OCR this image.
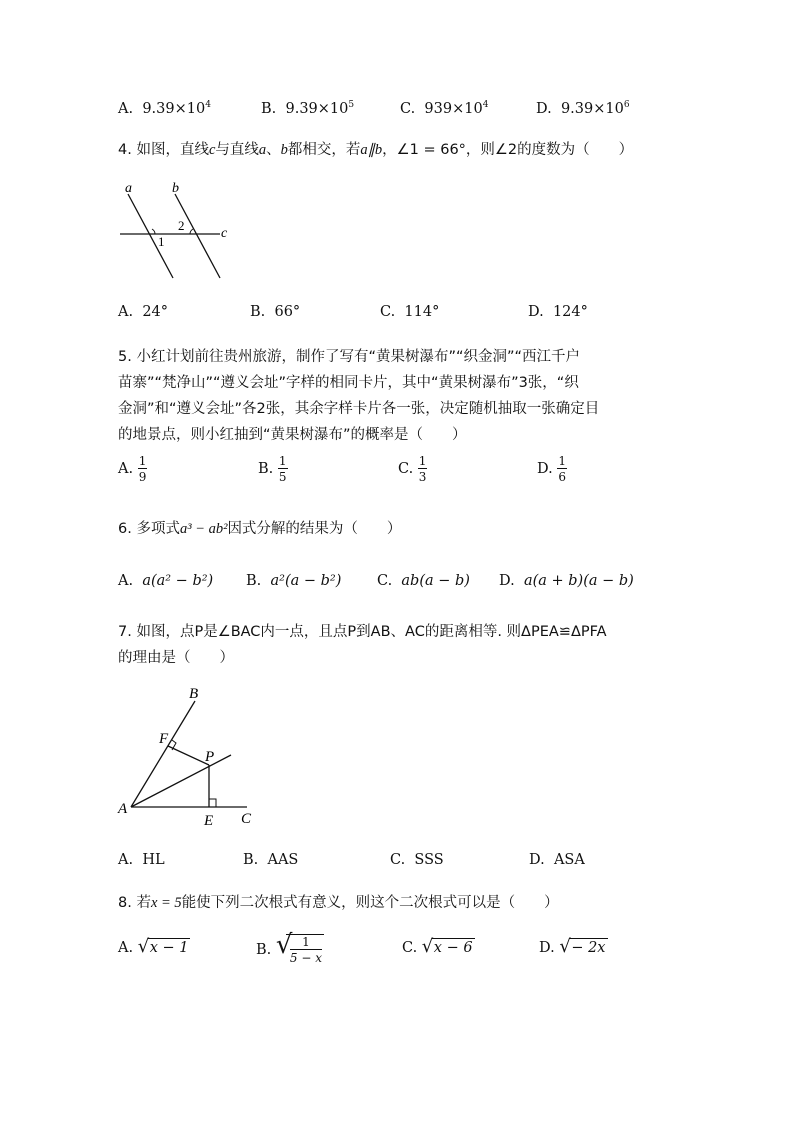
A. $9.39\times 10^4$	B. $9.39\times 10^5$	C. $939\times 10^4$	D. $9.39\times 10^6$
4. 如图，直线c与直线a、b都相交，若a∥b，∠1 = 66°，则∠2的度数为（　　）
a	b
c
1
2
A. 24°	B. 66°	C. 114°	D. 124°
5. 小红计划前往贵州旅游，制作了写有“黄果树瀑布”“织金洞”“西江千户
苗寨”“梵净山”“遵义会址”字样的相同卡片，其中“黄果树瀑布”3张，“织
金洞”和“遵义会址”各2张，其余字样卡片各一张，决定随机抽取一张确定目
的地景点，则小红抽到“黄果树瀑布”的概率是（　　）
A. $\frac{1}{9}$	B. $\frac{1}{5}$	C. $\frac{1}{3}$	D. $\frac{1}{6}$
6. 多项式a³ − ab²因式分解的结果为（　　）
A. a(a² − b²) B. a²(a − b²) C. ab(a − b) D. a(a + b)(a − b)
7. 如图，点P是∠BAC内一点，且点P到AB、AC的距离相等. 则ΔPEA≌ΔPFA
的理由是（　　）
A
B
C
E
F
P
A. HL	B. AAS	C. SSS	D. ASA
8. 若x = 5能使下列二次根式有意义，则这个二次根式可以是（　　）
A. √ x − 1	B. √
$\frac{1}{5 - x}$	C. √ x − 6	D. √ − 2x
